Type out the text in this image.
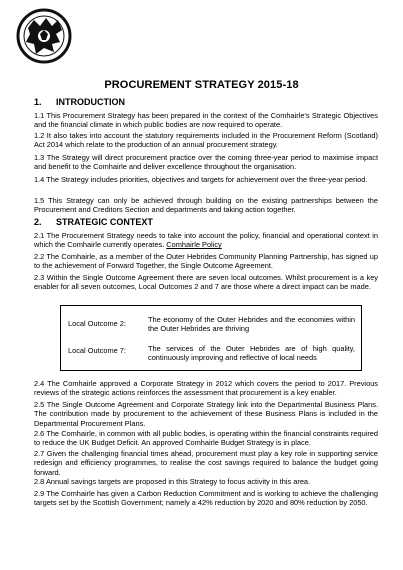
PROCUREMENT STRATEGY 2015-18
1. INTRODUCTION
1.1 This Procurement Strategy has been prepared in the context of the Comhairle's Strategic Objectives and the financial climate in which public bodies are now required to operate.
1.2 It also takes into account the statutory requirements included in the Procurement Reform (Scotland) Act 2014 which relate to the production of an annual procurement strategy.
1.3 The Strategy will direct procurement practice over the coming three-year period to maximise impact and benefit to the Comhairle and deliver excellence throughout the organisation.
1.4 The Strategy includes priorities, objectives and targets for achievement over the three-year period.
1.5 This Strategy can only be achieved through building on the existing partnerships between the Procurement and Creditors Section and departments and taking action together.
2. STRATEGIC CONTEXT
2.1 The Procurement Strategy needs to take into account the policy, financial and operational context in which the Comhairle currently operates. Comhairle Policy
2.2 The Comhairle, as a member of the Outer Hebrides Community Planning Partnership, has signed up to the achievement of Forward Together, the Single Outcome Agreement.
2.3 Within the Single Outcome Agreement there are seven local outcomes. Whilst procurement is a key enabler for all seven outcomes, Local Outcomes 2 and 7 are those where a direct impact can be made.
Local Outcome 2:	The economy of the Outer Hebrides and the economies within the Outer Hebrides are thriving
Local Outcome 7:	The services of the Outer Hebrides are of high quality, continuously improving and reflective of local needs
2.4 The Comhairle approved a Corporate Strategy in 2012 which covers the period to 2017. Previous reviews of the strategic actions reinforces the assessment that procurement is a key enabler.
2.5 The Single Outcome Agreement and Corporate Strategy link into the Departmental Business Plans. The contribution made by procurement to the achievement of these Business Plans is included in the Departmental Procurement Plans.
2.6 The Comhairle, in common with all public bodies, is operating within the financial constraints required to reduce the UK Budget Deficit. An approved Comhairle Budget Strategy is in place.
2.7 Given the challenging financial times ahead, procurement must play a key role in supporting service redesign and efficiency programmes, to realise the cost savings required to balance the budget going forward.
2.8 Annual savings targets are proposed in this Strategy to focus activity in this area.
2.9 The Comhairle has given a Carbon Reduction Commitment and is working to achieve the challenging targets set by the Scottish Government; namely a 42% reduction by 2020 and 80% reduction by 2050.
